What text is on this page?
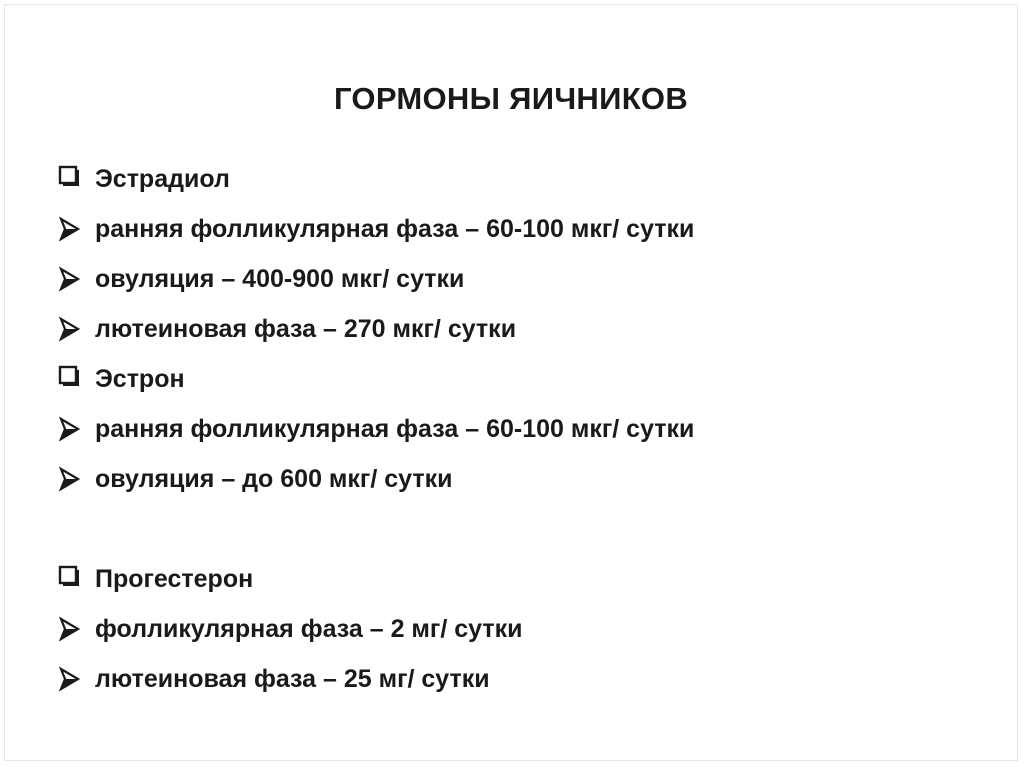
ГОРМОНЫ ЯИЧНИКОВ
Эстрадиол
ранняя фолликулярная фаза – 60-100 мкг/ сутки
овуляция – 400-900 мкг/ сутки
лютеиновая фаза – 270 мкг/ сутки
Эстрон
ранняя фолликулярная фаза – 60-100 мкг/ сутки
овуляция – до 600 мкг/ сутки
Прогестерон
фолликулярная фаза – 2 мг/ сутки
лютеиновая фаза – 25 мг/ сутки
